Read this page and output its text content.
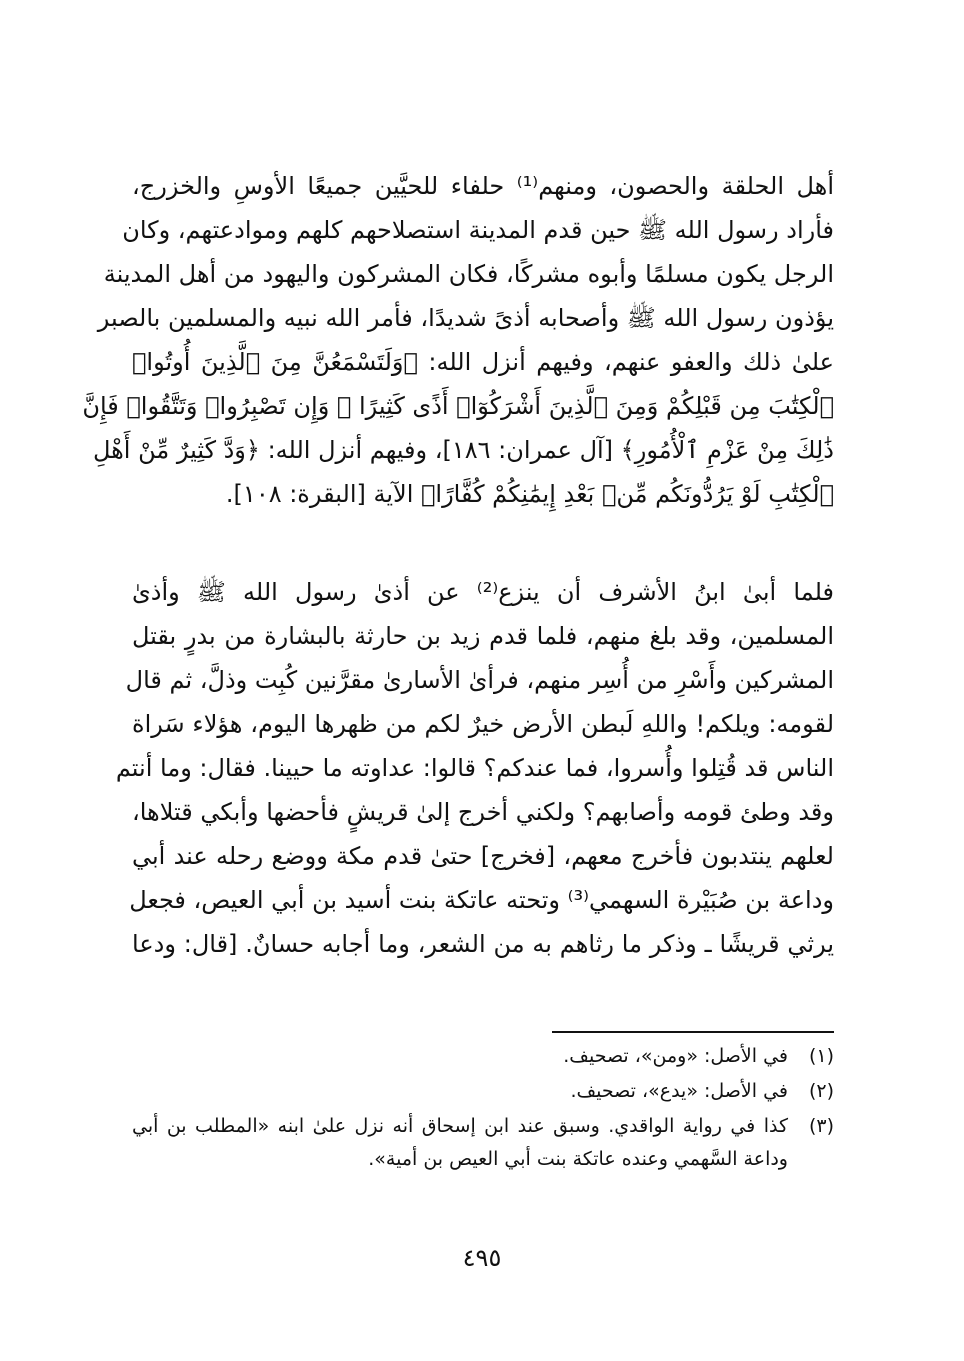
أهل الحلقة والحصون، ومنهم⁽¹⁾ حلفاء للحيَّين جميعًا الأوسِ والخزرج،
فأراد رسول الله ﷺ حين قدم المدينة استصلاحهم كلهم وموادعتهم، وكان
الرجل يكون مسلمًا وأبوه مشركًا، فكان المشركون واليهود من أهل المدينة
يؤذون رسول الله ﷺ وأصحابه أذىً شديدًا، فأمر الله نبيه والمسلمين بالصبر
علىٰ ذلك والعفو عنهم، وفيهم أنزل الله: ﴿وَلَتَسْمَعُنَّ مِنَ ٱلَّذِينَ أُوتُوا۟
ٱلْكِتَٰبَ مِن قَبْلِكُمْ وَمِنَ ٱلَّذِينَ أَشْرَكُوٓا۟ أَذًى كَثِيرًا ۚ وَإِن تَصْبِرُوا۟ وَتَتَّقُوا۟ فَإِنَّ
ذَٰلِكَ مِنْ عَزْمِ ٱلْأُمُورِ﴾ [آل عمران: ١٨٦]، وفيهم أنزل الله: ﴿وَدَّ كَثِيرٌ مِّنْ أَهْلِ
ٱلْكِتَٰبِ لَوْ يَرُدُّونَكُم مِّنۢ بَعْدِ إِيمَٰنِكُمْ كُفَّارًا﴾ الآية [البقرة: ١٠٨].
فلما أبىٰ ابنُ الأشرف أن ينزع⁽²⁾ عن أذىٰ رسول الله ﷺ وأذىٰ
المسلمين، وقد بلغ منهم، فلما قدم زيد بن حارثة بالبشارة من بدرٍ بقتل
المشركين وأَسْرِ من أُسِر منهم، فرأىٰ الأسارىٰ مقرَّنين كُبِت وذلَّ، ثم قال
لقومه: ويلكم! واللهِ لَبطن الأرض خيرٌ لكم من ظهرها اليوم، هؤلاء سَراة
الناس قد قُتِلوا وأُسروا، فما عندكم؟ قالوا: عداوته ما حيينا. فقال: وما أنتم
وقد وطئ قومه وأصابهم؟ ولكني أخرج إلىٰ قريشٍ فأحضها وأبكي قتلاها،
لعلهم ينتدبون فأخرج معهم، [فخرج] حتىٰ قدم مكة ووضع رحله عند أبي
وداعة بن صُبَيْرة السهمي⁽³⁾ وتحته عاتكة بنت أسيد بن أبي العيص، فجعل
يرثي قريشًا ـ وذكر ما رثاهم به من الشعر، وما أجابه حسانٌ. [قال: ودعا
(١)
في الأصل: «ومن»، تصحيف.
(٢)
في الأصل: «يدع»، تصحيف.
(٣)
كذا في رواية الواقدي. وسبق عند ابن إسحاق أنه نزل علىٰ ابنه «المطلب بن أبي
وداعة السَّهمي وعنده عاتكة بنت أبي العيص بن أمية».
٤٩٥
